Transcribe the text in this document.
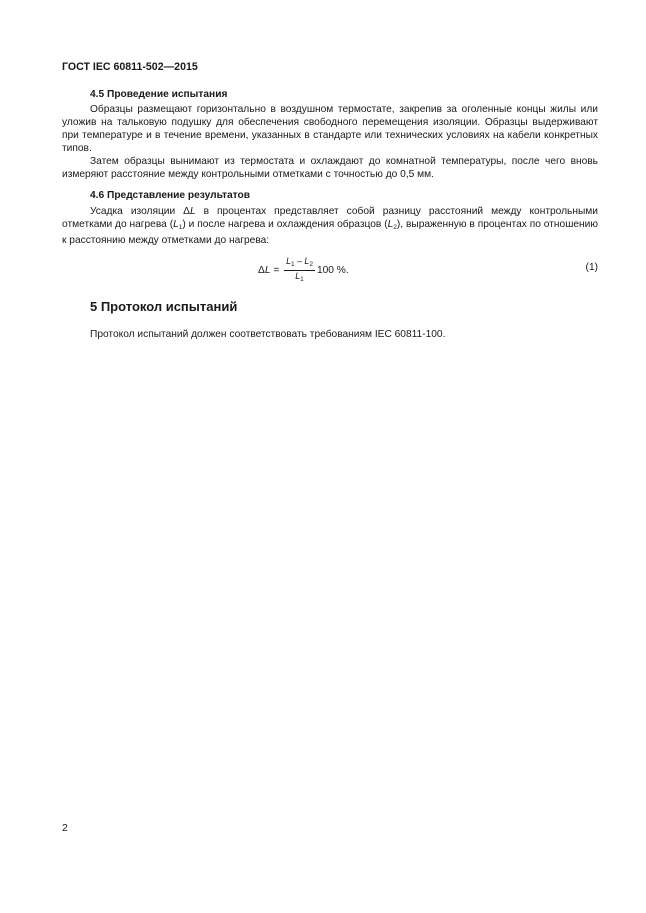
ГОСТ IEC 60811-502—2015
4.5 Проведение испытания

Образцы размещают горизонтально в воздушном термостате, закрепив за оголенные концы жилы или уложив на тальковую подушку для обеспечения свободного перемещения изоляции. Образцы выдерживают при температуре и в течение времени, указанных в стандарте или технических условиях на кабели конкретных типов.

Затем образцы вынимают из термостата и охлаждают до комнатной температуры, после чего вновь измеряют расстояние между контрольными отметками с точностью до 0,5 мм.

4.6 Представление результатов

Усадка изоляции ΔL в процентах представляет собой разницу расстояний между контрольными отметками до нагрева $(L_1)$ и после нагрева и охлаждения образцов $(L_2)$, выраженную в процентах по отношению к расстоянию между отметками до нагрева:

Δ $L = \frac{L_1 - L_2}{L_1} 100$ %.	(1)
5 Протокол испытаний

Протокол испытаний должен соответствовать требованиям IEC 60811-100.

2
